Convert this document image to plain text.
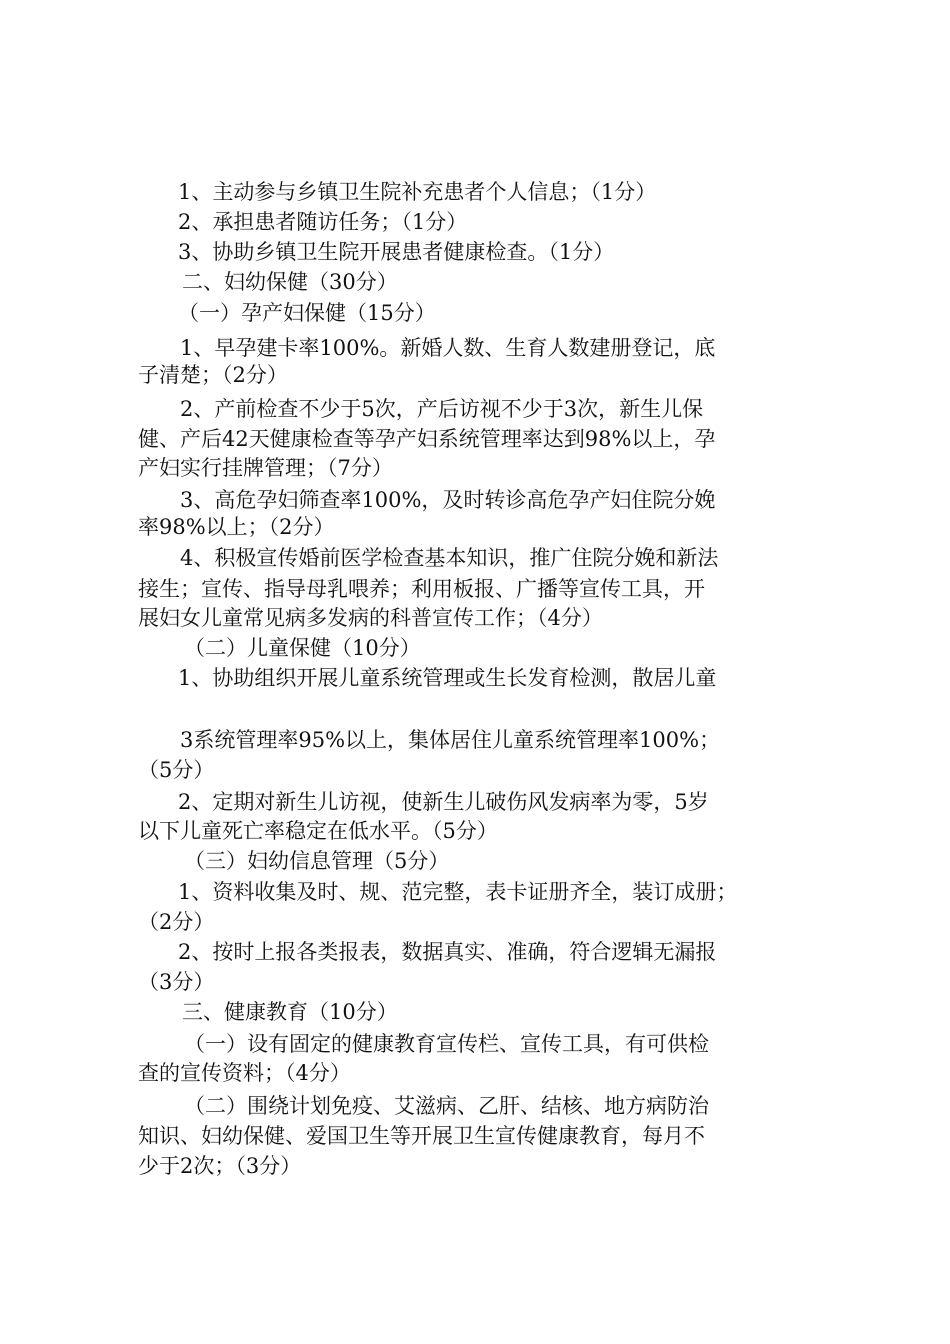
1、主动参与乡镇卫生院补充患者个人信息；（1分）
2、承担患者随访任务；（1分）
3、协助乡镇卫生院开展患者健康检查。（1分）
二、妇幼保健（30分）
（一）孕产妇保健（15分）
1、早孕建卡率100%。新婚人数、生育人数建册登记，底
子清楚；（2分）
2、产前检查不少于5次，产后访视不少于3次，新生儿保
健、产后42天健康检查等孕产妇系统管理率达到98%以上，孕
产妇实行挂牌管理；（7分）
3、高危孕妇筛查率100%，及时转诊高危孕产妇住院分娩
率98%以上；（2分）
4、积极宣传婚前医学检查基本知识，推广住院分娩和新法
接生；宣传、指导母乳喂养；利用板报、广播等宣传工具，开
展妇女儿童常见病多发病的科普宣传工作；（4分）
（二）儿童保健（10分）
1、协助组织开展儿童系统管理或生长发育检测，散居儿童
3系统管理率95%以上，集体居住儿童系统管理率100%；
（5分）
2、定期对新生儿访视，使新生儿破伤风发病率为零，5岁
以下儿童死亡率稳定在低水平。（5分）
（三）妇幼信息管理（5分）
1、资料收集及时、规、范完整，表卡证册齐全，装订成册；
（2分）
2、按时上报各类报表，数据真实、准确，符合逻辑无漏报
（3分）
三、健康教育（10分）
（一）设有固定的健康教育宣传栏、宣传工具，有可供检
查的宣传资料；（4分）
（二）围绕计划免疫、艾滋病、乙肝、结核、地方病防治
知识、妇幼保健、爱国卫生等开展卫生宣传健康教育，每月不
少于2次；（3分）
